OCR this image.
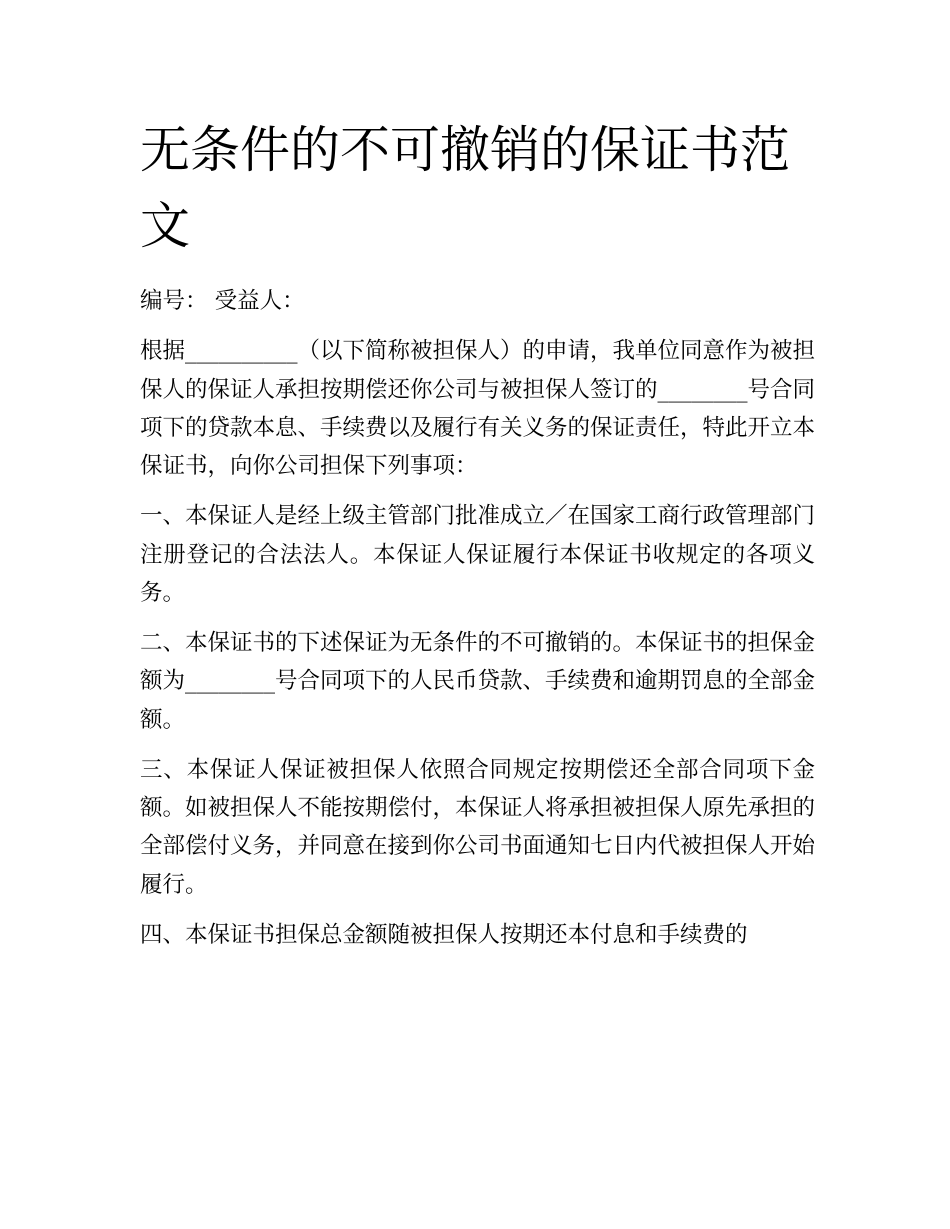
无条件的不可撤销的保证书范文

编号： 受益人：

根据__________（以下简称被担保人）的申请，我单位同意作为被担保人的保证人承担按期偿还你公司与被担保人签订的________号合同项下的贷款本息、手续费以及履行有关义务的保证责任，特此开立本保证书，向你公司担保下列事项：

一、本保证人是经上级主管部门批准成立／在国家工商行政管理部门注册登记的合法法人。本保证人保证履行本保证书收规定的各项义务。

二、本保证书的下述保证为无条件的不可撤销的。本保证书的担保金额为________号合同项下的人民币贷款、手续费和逾期罚息的全部金额。

三、本保证人保证被担保人依照合同规定按期偿还全部合同项下金额。如被担保人不能按期偿付，本保证人将承担被担保人原先承担的全部偿付义务，并同意在接到你公司书面通知七日内代被担保人开始履行。

四、本保证书担保总金额随被担保人按期还本付息和手续费的
